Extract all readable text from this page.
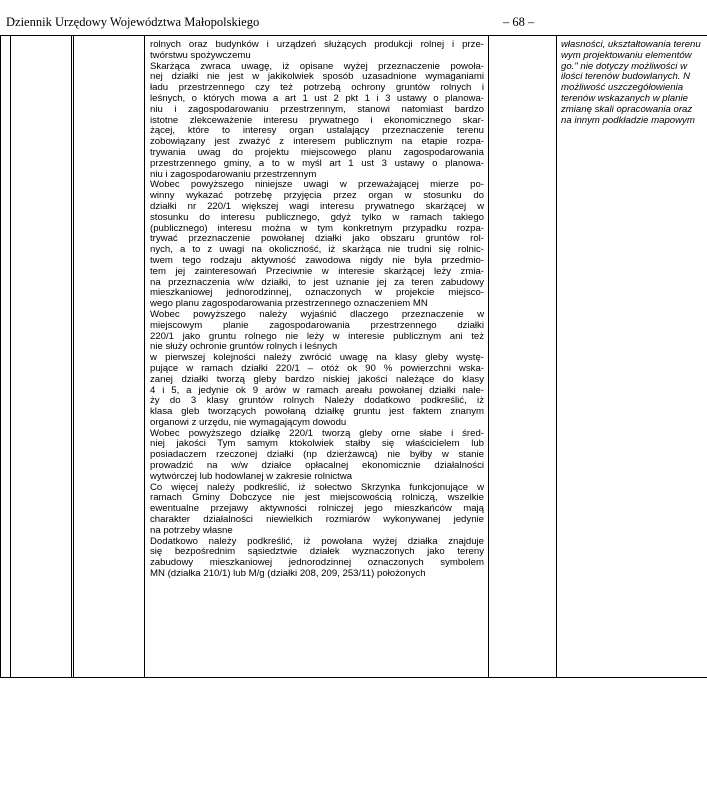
Dziennik Urzędowy Województwa Małopolskiego	– 68 –
rolnych oraz budynków i urządzeń służących produkcji rolnej i prze-
twórstwu spożywczemu
Skarżąca zwraca uwagę, iż opisane wyżej przeznaczenie powoła-
nej działki nie jest w jakikolwiek sposób uzasadnione wymaganiami
ładu przestrzennego czy też potrzebą ochrony gruntów rolnych i
leśnych, o których mowa a art 1 ust 2 pkt 1 i 3 ustawy o planowa-
niu i zagospodarowaniu przestrzennym, stanowi natomiast bardzo
istotne zlekceważenie interesu prywatnego i ekonomicznego skar-
żącej, które to interesy organ ustalający przeznaczenie terenu
zobowiązany jest zważyć z interesem publicznym na etapie rozpa-
trywania uwag do projektu miejscowego planu zagospodarowania
przestrzennego gminy, a to w myśl art 1 ust 3 ustawy o planowa-
niu i zagospodarowaniu przestrzennym
Wobec powyższego niniejsze uwagi w przeważającej mierze po-
winny wykazać potrzebę przyjęcia przez organ w stosunku do
działki nr 220/1 większej wagi interesu prywatnego skarżącej w
stosunku do interesu publicznego, gdyż tylko w ramach takiego
(publicznego) interesu można w tym konkretnym przypadku rozpa-
trywać przeznaczenie powołanej działki jako obszaru gruntów rol-
nych, a to z uwagi na okoliczność, iż skarżąca nie trudni się rolnic-
twem tego rodzaju aktywność zawodowa nigdy nie była przedmio-
tem jej zainteresowań Przeciwnie w interesie skarżącej leży zmia-
na przeznaczenia w/w działki, to jest uznanie jej za teren zabudowy
mieszkaniowej jednorodzinnej, oznaczonych w projekcie miejsco-
wego planu zagospodarowania przestrzennego oznaczeniem MN
Wobec powyższego należy wyjaśnić dlaczego przeznaczenie w
miejscowym planie zagospodarowania przestrzennego działki
220/1 jako gruntu rolnego nie leży w interesie publicznym ani też
nie służy ochronie gruntów rolnych i leśnych
w pierwszej kolejności należy zwrócić uwagę na klasy gleby wystę-
pujące w ramach działki 220/1 – otóż ok 90 % powierzchni wska-
zanej działki tworzą gleby bardzo niskiej jakości należące do klasy
4 i 5, a jedynie ok 9 arów w ramach areału powołanej działki nale-
ży do 3 klasy gruntów rolnych Należy dodatkowo podkreślić, iż
klasa gleb tworzących powołaną działkę gruntu jest faktem znanym
organowi z urzędu, nie wymagającym dowodu
Wobec powyższego działkę 220/1 tworzą gleby orne słabe i śred-
niej jakości Tym samym ktokolwiek stałby się właścicielem lub
posiadaczem rzeczonej działki (np dzierżawcą) nie byłby w stanie
prowadzić na w/w działce opłacalnej ekonomicznie działalności
wytwórczej lub hodowlanej w zakresie rolnictwa
Co więcej należy podkreślić, iż sołectwo Skrzynka funkcjonujące w
ramach Gminy Dobczyce nie jest miejscowością rolniczą, wszelkie
ewentualne przejawy aktywności rolniczej jego mieszkańców mają
charakter działalności niewielkich rozmiarów wykonywanej jedynie
na potrzeby własne
Dodatkowo należy podkreślić, iż powołana wyżej działka znajduje
się bezpośrednim sąsiedztwie działek wyznaczonych jako tereny
zabudowy mieszkaniowej jednorodzinnej oznaczonych symbolem
MN (działka 210/1) lub M/g (działki 208, 209, 253/11) położonych
własności, ukształtowania terenu
wym projektowaniu elementów
go." nie dotyczy możliwości w
ilości terenów budowlanych. N
możliwość uszczegółowienia
terenów wskazanych w planie
zmianę skali opracowania oraz
na innym podkładzie mapowym
